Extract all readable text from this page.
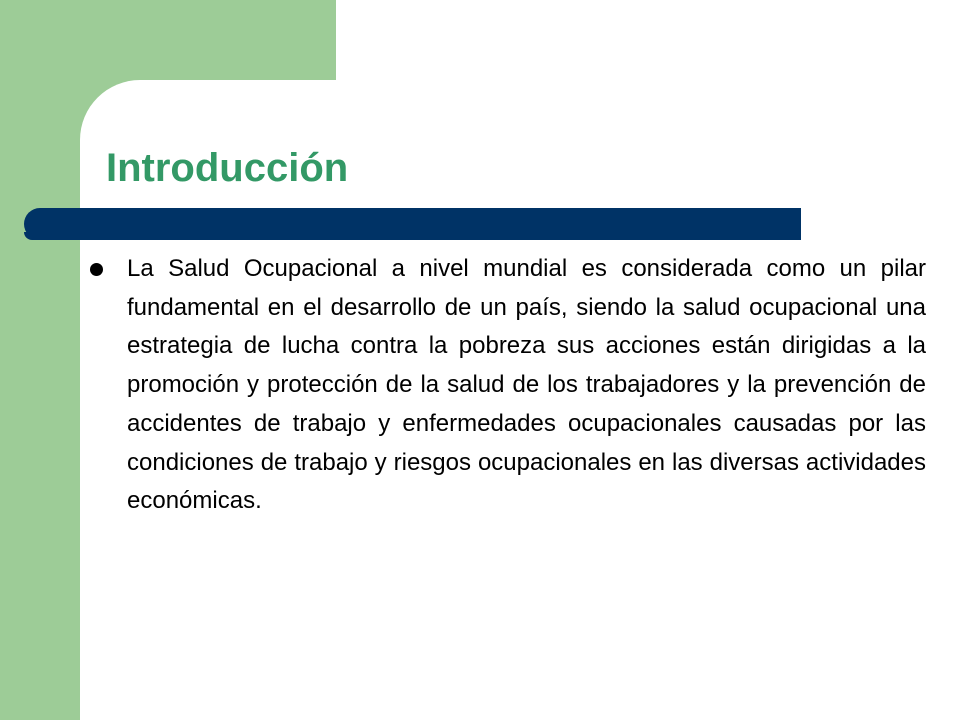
Introducción
La Salud Ocupacional a nivel mundial es considerada como un pilar fundamental en el desarrollo de un país, siendo la salud ocupacional una estrategia de lucha contra la pobreza sus acciones están dirigidas a la promoción y protección de la salud de los trabajadores y la prevención de accidentes de trabajo y enfermedades ocupacionales causadas por las condiciones de trabajo y riesgos ocupacionales en las diversas actividades económicas.
